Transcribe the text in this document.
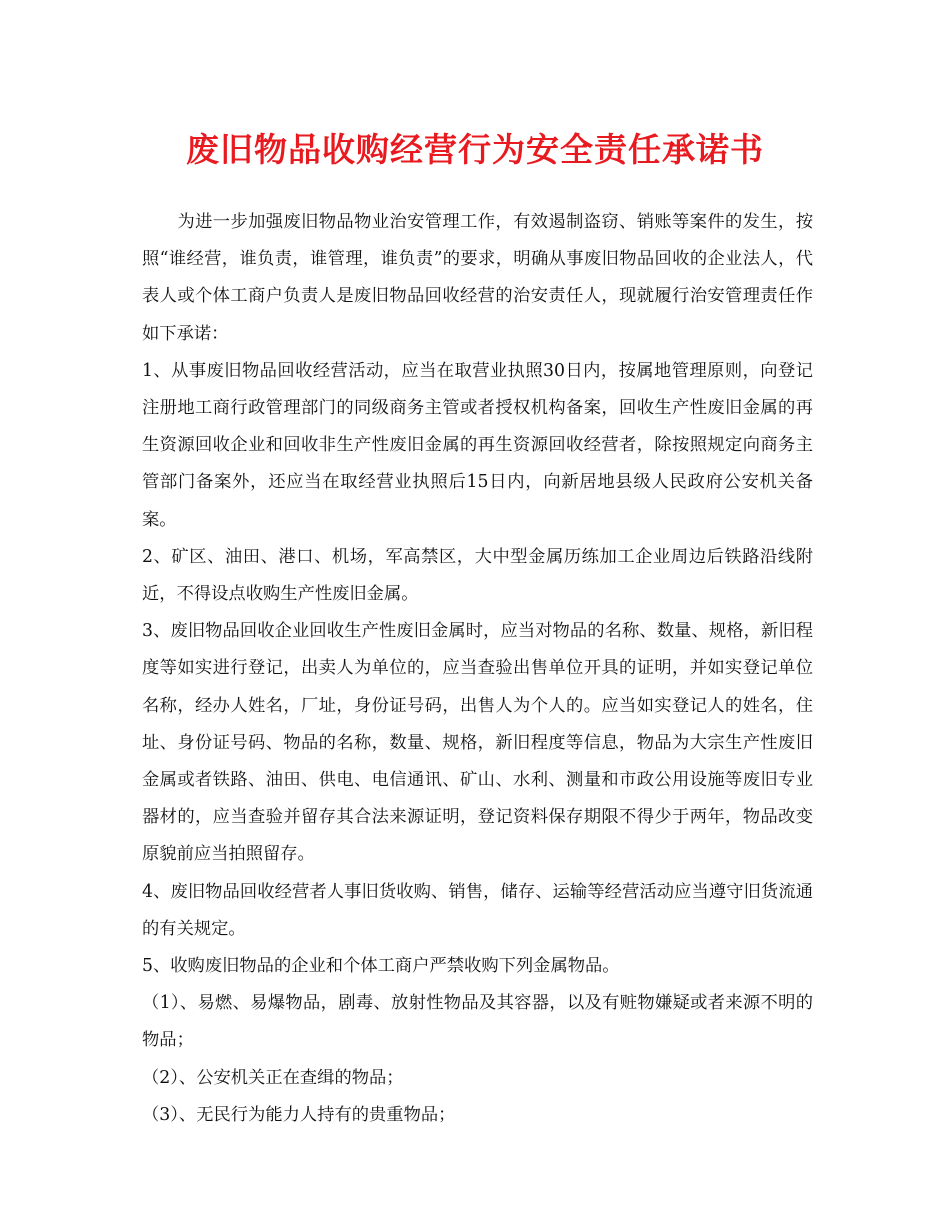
废旧物品收购经营行为安全责任承诺书

为进一步加强废旧物品物业治安管理工作，有效遏制盗窃、销账等案件的发生，按照“谁经营，谁负责，谁管理，谁负责”的要求，明确从事废旧物品回收的企业法人，代表人或个体工商户负责人是废旧物品回收经营的治安责任人，现就履行治安管理责任作如下承诺：

1、从事废旧物品回收经营活动，应当在取营业执照30日内，按属地管理原则，向登记注册地工商行政管理部门的同级商务主管或者授权机构备案，回收生产性废旧金属的再生资源回收企业和回收非生产性废旧金属的再生资源回收经营者，除按照规定向商务主管部门备案外，还应当在取经营业执照后15日内，向新居地县级人民政府公安机关备案。

2、矿区、油田、港口、机场，军高禁区，大中型金属历练加工企业周边后铁路沿线附近，不得设点收购生产性废旧金属。

3、废旧物品回收企业回收生产性废旧金属时，应当对物品的名称、数量、规格，新旧程度等如实进行登记，出卖人为单位的，应当查验出售单位开具的证明，并如实登记单位名称，经办人姓名，厂址，身份证号码，出售人为个人的。应当如实登记人的姓名，住址、身份证号码、物品的名称，数量、规格，新旧程度等信息，物品为大宗生产性废旧金属或者铁路、油田、供电、电信通讯、矿山、水利、测量和市政公用设施等废旧专业器材的，应当查验并留存其合法来源证明，登记资料保存期限不得少于两年，物品改变原貌前应当拍照留存。

4、废旧物品回收经营者人事旧货收购、销售，储存、运输等经营活动应当遵守旧货流通的有关规定。

5、收购废旧物品的企业和个体工商户严禁收购下列金属物品。

（1）、易燃、易爆物品，剧毒、放射性物品及其容器，以及有赃物嫌疑或者来源不明的物品；

（2）、公安机关正在查缉的物品；

（3）、无民行为能力人持有的贵重物品；
